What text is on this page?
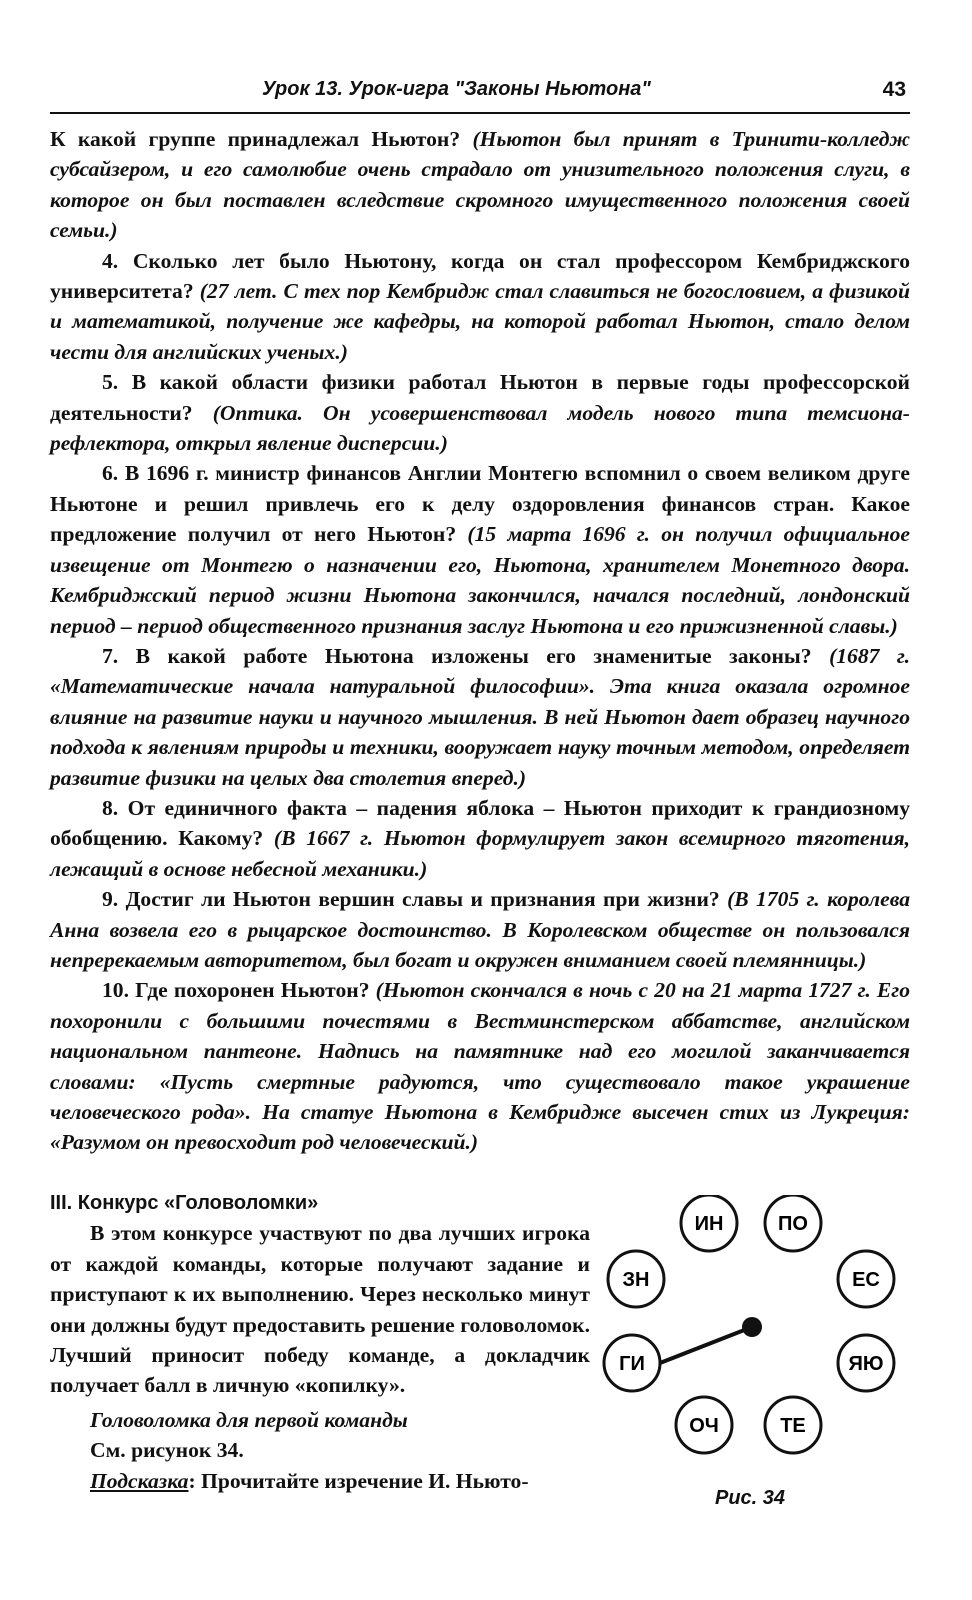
Урок 13. Урок-игра "Законы Ньютона"	43

К какой группе принадлежал Ньютон? (Ньютон был принят в Тринити-колледж субсайзером, и его самолюбие очень страдало от унизительного положения слуги, в которое он был поставлен вследствие скромного имущественного положения своей семьи.)

4. Сколько лет было Ньютону, когда он стал профессором Кембриджского университета? (27 лет. С тех пор Кембридж стал славиться не богословием, а физикой и математикой, получение же кафедры, на которой работал Ньютон, стало делом чести для английских ученых.)

5. В какой области физики работал Ньютон в первые годы профессорской деятельности? (Оптика. Он усовершенствовал модель нового типа темсиона-рефлектора, открыл явление дисперсии.)

6. В 1696 г. министр финансов Англии Монтегю вспомнил о своем великом друге Ньютоне и решил привлечь его к делу оздоровления финансов стран. Какое предложение получил от него Ньютон? (15 марта 1696 г. он получил официальное извещение от Монтегю о назначении его, Ньютона, хранителем Монетного двора. Кембриджский период жизни Ньютона закончился, начался последний, лондонский период – период общественного признания заслуг Ньютона и его прижизненной славы.)

7. В какой работе Ньютона изложены его знаменитые законы? (1687 г. «Математические начала натуральной философии». Эта книга оказала огромное влияние на развитие науки и научного мышления. В ней Ньютон дает образец научного подхода к явлениям природы и техники, вооружает науку точным методом, определяет развитие физики на целых два столетия вперед.)

8. От единичного факта – падения яблока – Ньютон приходит к грандиозному обобщению. Какому? (В 1667 г. Ньютон формулирует закон всемирного тяготения, лежащий в основе небесной механики.)

9. Достиг ли Ньютон вершин славы и признания при жизни? (В 1705 г. королева Анна возвела его в рыцарское достоинство. В Королевском обществе он пользовался непререкаемым авторитетом, был богат и окружен вниманием своей племянницы.)

10. Где похоронен Ньютон? (Ньютон скончался в ночь с 20 на 21 марта 1727 г. Его похоронили с большими почестями в Вестминстерском аббатстве, английском национальном пантеоне. Надпись на памятнике над его могилой заканчивается словами: «Пусть смертные радуются, что существовало такое украшение человеческого рода». На статуе Ньютона в Кембридже высечен стих из Лукреция: «Разумом он превосходит род человеческий.)

III. Конкурс «Головоломки»

В этом конкурсе участвуют по два лучших игрока от каждой команды, которые получают задание и приступают к их выполнению. Через несколько минут они должны будут предоставить решение головоломок. Лучший приносит победу команде, а докладчик получает балл в личную «копилку».

Головоломка для первой команды

См. рисунок 34.

Подсказка: Прочитайте изречение И. Ньюто-

ИН	ПО
ЕС
ЯЮ
ТЕ
ОЧ
ГИ
ЗН
Рис. 34
